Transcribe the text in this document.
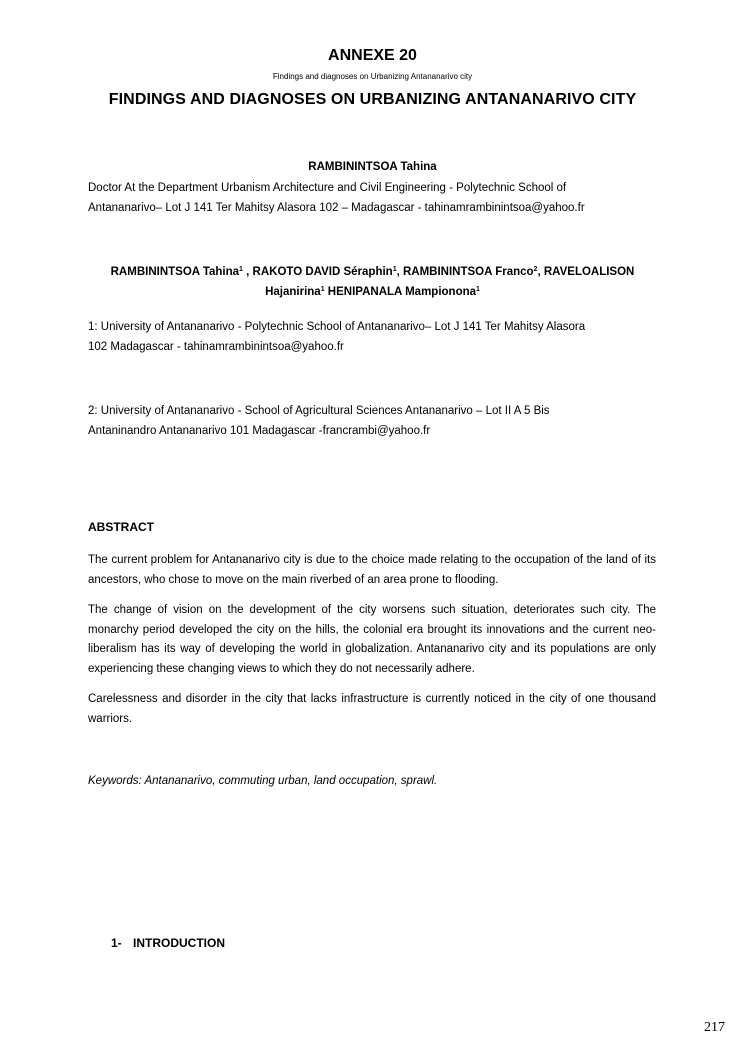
ANNEXE 20
Findings and diagnoses on Urbanizing Antananarivo city
FINDINGS AND DIAGNOSES ON URBANIZING ANTANANARIVO CITY
RAMBININTSOA Tahina
Doctor At the Department Urbanism Architecture and Civil Engineering - Polytechnic School of
Antananarivo– Lot J 141 Ter Mahitsy Alasora 102 – Madagascar - tahinamrambinintsoa@yahoo.fr
RAMBININTSOA Tahina$^1$ , RAKOTO DAVID Séraphin$^1$, RAMBININTSOA Franco$^2$, RAVELOALISON
Hajanirina$^1$ HENIPANALA Mampionona$^1$
1: University of Antananarivo - Polytechnic School of Antananarivo– Lot J 141 Ter Mahitsy Alasora
102 Madagascar - tahinamrambinintsoa@yahoo.fr
2: University of Antananarivo - School of Agricultural Sciences Antananarivo – Lot II A 5 Bis
Antaninandro Antananarivo 101 Madagascar -francrambi@yahoo.fr
ABSTRACT
The current problem for Antananarivo city is due to the choice made relating to the occupation of the land of its ancestors, who chose to move on the main riverbed of an area prone to flooding.
The change of vision on the development of the city worsens such situation, deteriorates such city. The monarchy period developed the city on the hills, the colonial era brought its innovations and the current neo-liberalism has its way of developing the world in globalization. Antananarivo city and its populations are only experiencing these changing views to which they do not necessarily adhere.
Carelessness and disorder in the city that lacks infrastructure is currently noticed in the city of one thousand warriors.
Keywords: Antananarivo, commuting urban, land occupation, sprawl.
1- INTRODUCTION
217
